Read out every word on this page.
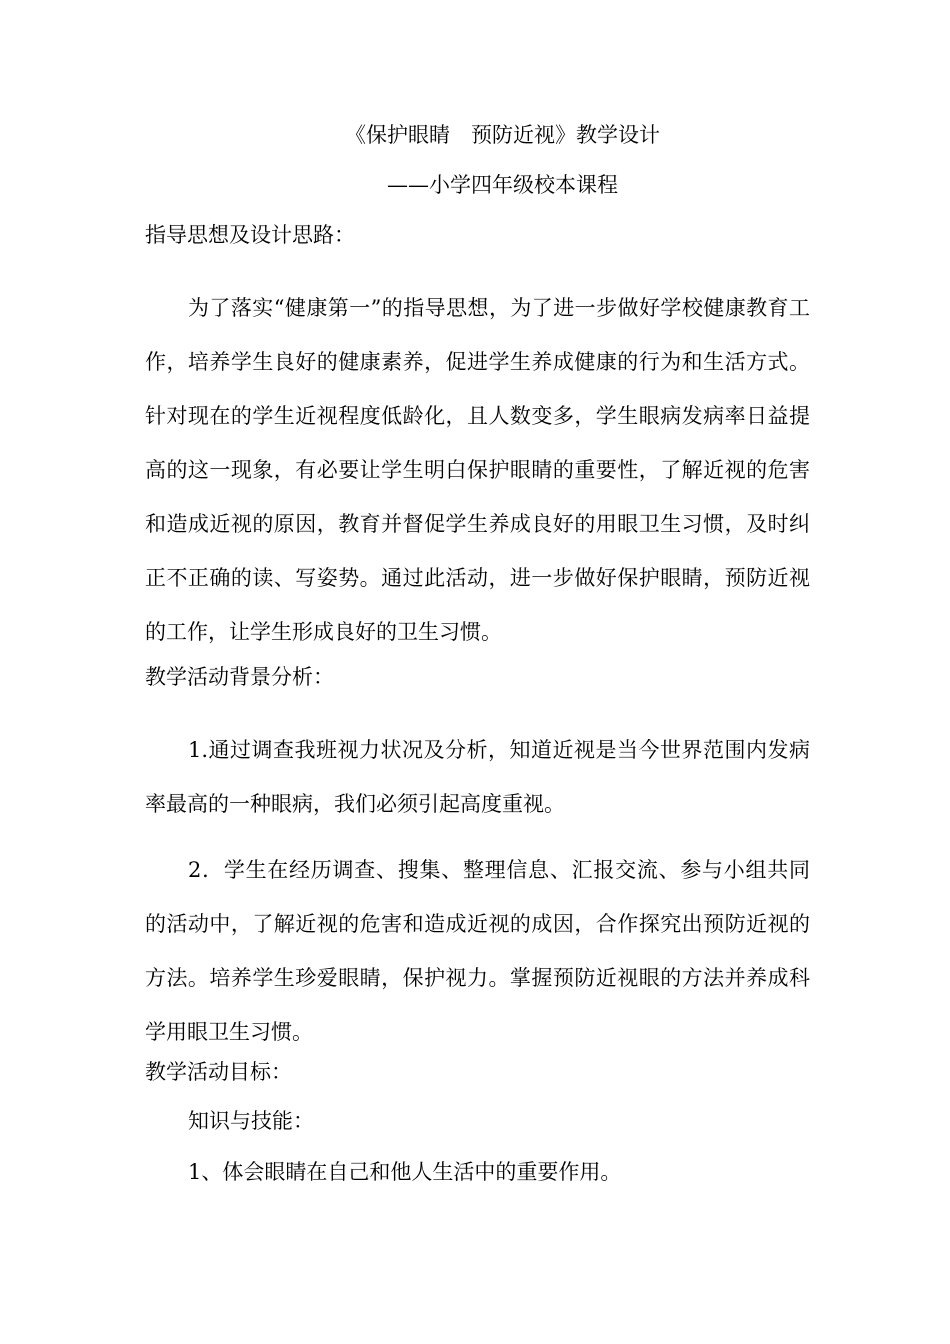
《保护眼睛　预防近视》教学设计
——小学四年级校本课程
指导思想及设计思路：
为了落实“健康第一”的指导思想，为了进一步做好学校健康教育工作，培养学生良好的健康素养，促进学生养成健康的行为和生活方式。针对现在的学生近视程度低龄化，且人数变多，学生眼病发病率日益提高的这一现象，有必要让学生明白保护眼睛的重要性，了解近视的危害和造成近视的原因，教育并督促学生养成良好的用眼卫生习惯，及时纠正不正确的读、写姿势。通过此活动，进一步做好保护眼睛，预防近视的工作，让学生形成良好的卫生习惯。
教学活动背景分析：
1.通过调查我班视力状况及分析，知道近视是当今世界范围内发病率最高的一种眼病，我们必须引起高度重视。
2．学生在经历调查、搜集、整理信息、汇报交流、参与小组共同的活动中，了解近视的危害和造成近视的成因，合作探究出预防近视的方法。培养学生珍爱眼睛，保护视力。掌握预防近视眼的方法并养成科学用眼卫生习惯。
教学活动目标：
知识与技能：
1、体会眼睛在自己和他人生活中的重要作用。
